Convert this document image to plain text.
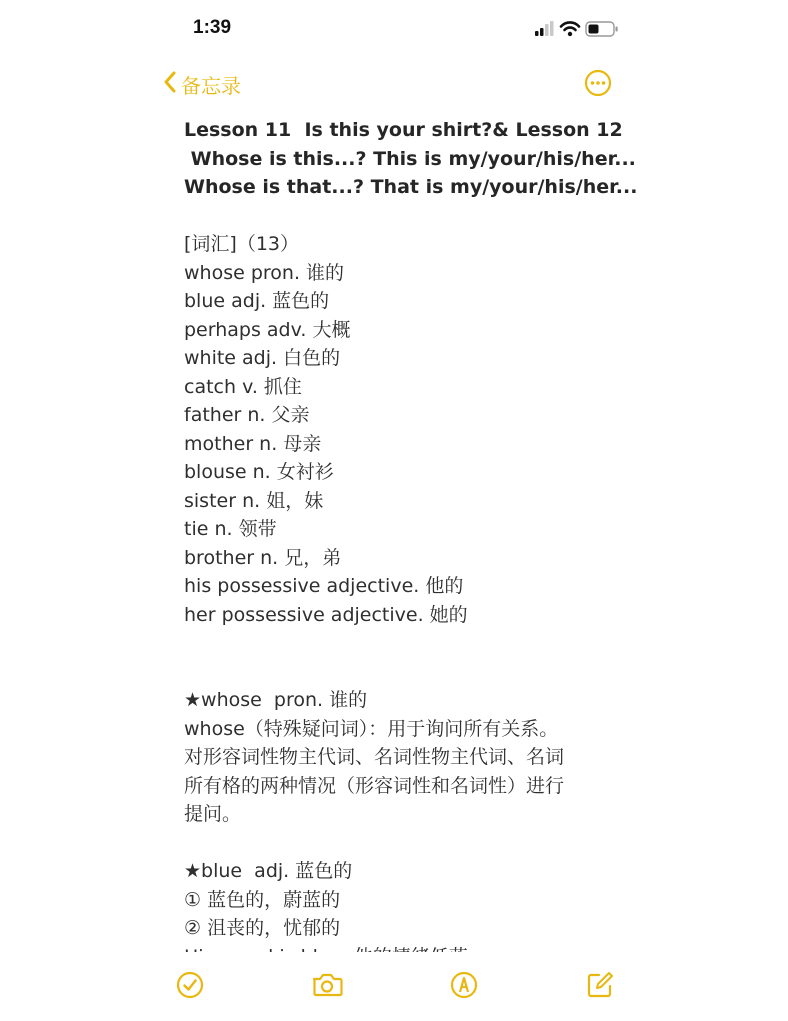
1:39
备忘录
Lesson 11  Is this your shirt?& Lesson 12
Whose is this...? This is my/your/his/her...
Whose is that...? That is my/your/his/her...
[词汇]（13）
whose pron. 谁的
blue adj. 蓝色的
perhaps adv. 大概
white adj. 白色的
catch v. 抓住
father n. 父亲
mother n. 母亲
blouse n. 女衬衫
sister n. 姐，妹
tie n. 领带
brother n. 兄，弟
his possessive adjective. 他的
her possessive adjective. 她的
★whose  pron. 谁的
whose（特殊疑问词）：用于询问所有关系。
对形容词性物主代词、名词性物主代词、名词
所有格的两种情况（形容词性和名词性）进行
提问。
★blue  adj. 蓝色的
① 蓝色的，蔚蓝的
② 沮丧的，忧郁的
